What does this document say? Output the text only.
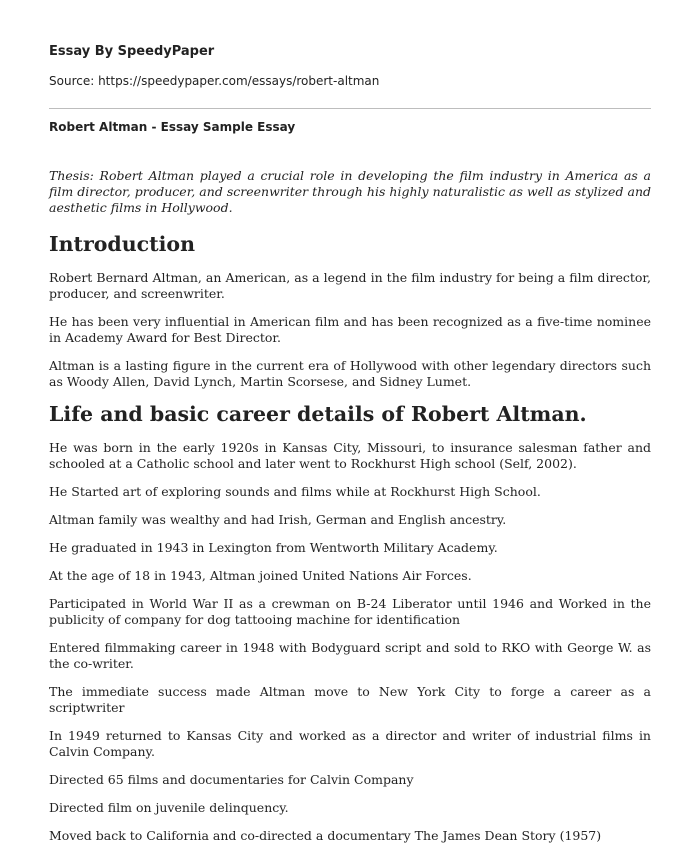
Essay By SpeedyPaper

Source: https://speedypaper.com/essays/robert-altman

Robert Altman - Essay Sample Essay

Thesis: Robert Altman played a crucial role in developing the film industry in America as a film director, producer, and screenwriter through his highly naturalistic as well as stylized and aesthetic films in Hollywood.

Introduction

Robert Bernard Altman, an American, as a legend in the film industry for being a film director, producer, and screenwriter.

He has been very influential in American film and has been recognized as a five-time nominee in Academy Award for Best Director.

Altman is a lasting figure in the current era of Hollywood with other legendary directors such as Woody Allen, David Lynch, Martin Scorsese, and Sidney Lumet.

Life and basic career details of Robert Altman.

He was born in the early 1920s in Kansas City, Missouri, to insurance salesman father and schooled at a Catholic school and later went to Rockhurst High school (Self, 2002).

He Started art of exploring sounds and films while at Rockhurst High School.

Altman family was wealthy and had Irish, German and English ancestry.

He graduated in 1943 in Lexington from Wentworth Military Academy.

At the age of 18 in 1943, Altman joined United Nations Air Forces.

Participated in World War II as a crewman on B-24 Liberator until 1946 and Worked in the publicity of company for dog tattooing machine for identification

Entered filmmaking career in 1948 with Bodyguard script and sold to RKO with George W. as the co-writer.

The immediate success made Altman move to New York City to forge a career as a scriptwriter

In 1949 returned to Kansas City and worked as a director and writer of industrial films in Calvin Company.

Directed 65 films and documentaries for Calvin Company

Directed film on juvenile delinquency.

Moved back to California and co-directed a documentary The James Dean Story (1957)
